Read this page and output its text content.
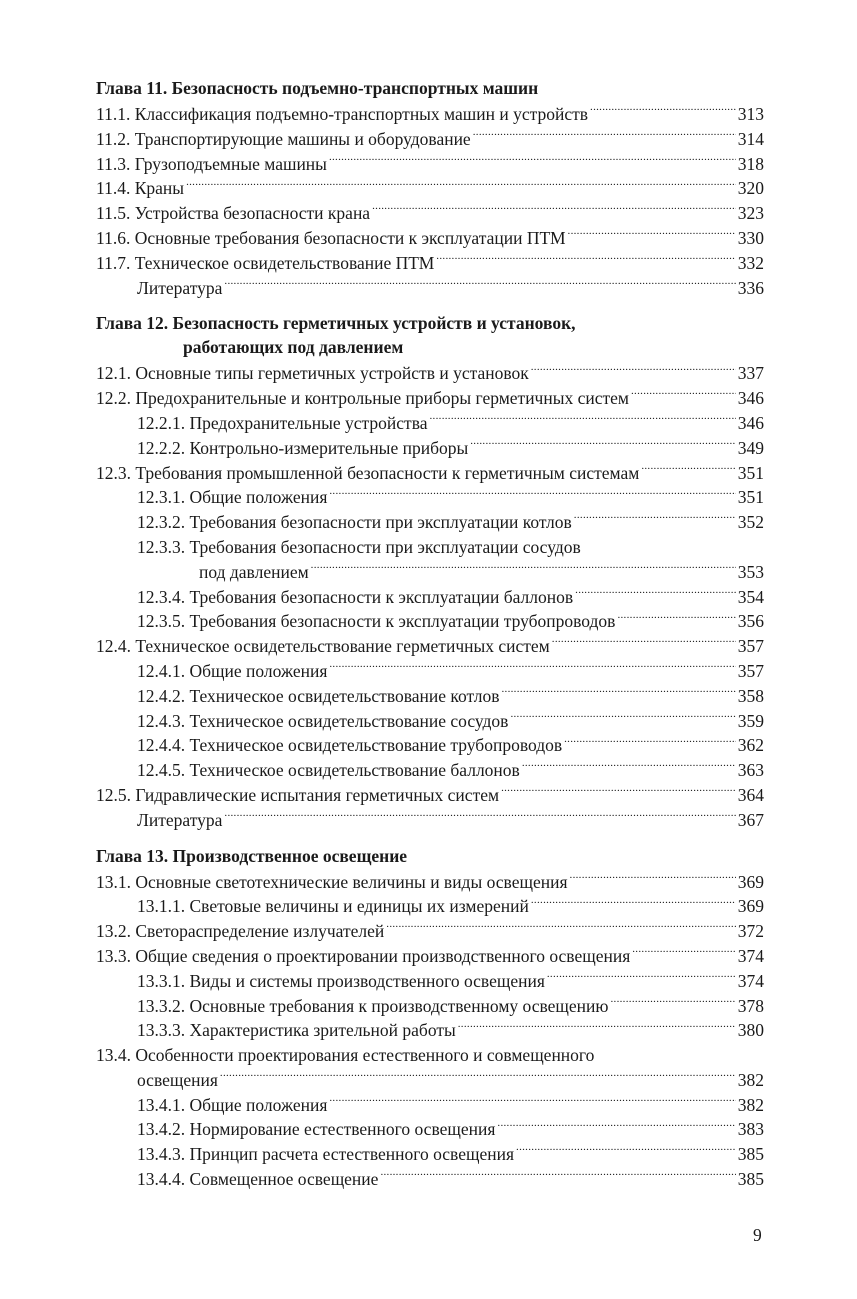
Глава 11. Безопасность подъемно-транспортных машин
11.1. Классификация подъемно-транспортных машин и устройств .....	313
11.2. Транспортирующие машины и оборудование .....	314
11.3. Грузоподъемные машины .....	318
11.4. Краны .....	320
11.5. Устройства безопасности крана .....	323
11.6. Основные требования безопасности к эксплуатации ПТМ .....	330
11.7. Техническое освидетельствование ПТМ .....	332
Литература .....	336
Глава 12. Безопасность герметичных устройств и установок,
работающих под давлением
12.1. Основные типы герметичных устройств и установок .....	337
12.2. Предохранительные и контрольные приборы герметичных систем .....	346
12.2.1. Предохранительные устройства .....	346
12.2.2. Контрольно-измерительные приборы .....	349
12.3. Требования промышленной безопасности к герметичным системам .....	351
12.3.1. Общие положения .....	351
12.3.2. Требования безопасности при эксплуатации котлов .....	352
12.3.3. Требования безопасности при эксплуатации сосудов
под давлением .....	353
12.3.4. Требования безопасности к эксплуатации баллонов .....	354
12.3.5. Требования безопасности к эксплуатации трубопроводов .....	356
12.4. Техническое освидетельствование герметичных систем .....	357
12.4.1. Общие положения .....	357
12.4.2. Техническое освидетельствование котлов .....	358
12.4.3. Техническое освидетельствование сосудов .....	359
12.4.4. Техническое освидетельствование трубопроводов .....	362
12.4.5. Техническое освидетельствование баллонов .....	363
12.5. Гидравлические испытания герметичных систем .....	364
Литература .....	367
Глава 13. Производственное освещение
13.1. Основные светотехнические величины и виды освещения .....	369
13.1.1. Световые величины и единицы их измерений .....	369
13.2. Светораспределение излучателей .....	372
13.3. Общие сведения о проектировании производственного освещения .....	374
13.3.1. Виды и системы производственного освещения .....	374
13.3.2. Основные требования к производственному освещению .....	378
13.3.3. Характеристика зрительной работы .....	380
13.4. Особенности проектирования естественного и совмещенного
освещения .....	382
13.4.1. Общие положения .....	382
13.4.2. Нормирование естественного освещения .....	383
13.4.3. Принцип расчета естественного освещения .....	385
13.4.4. Совмещенное освещение .....	385
9
